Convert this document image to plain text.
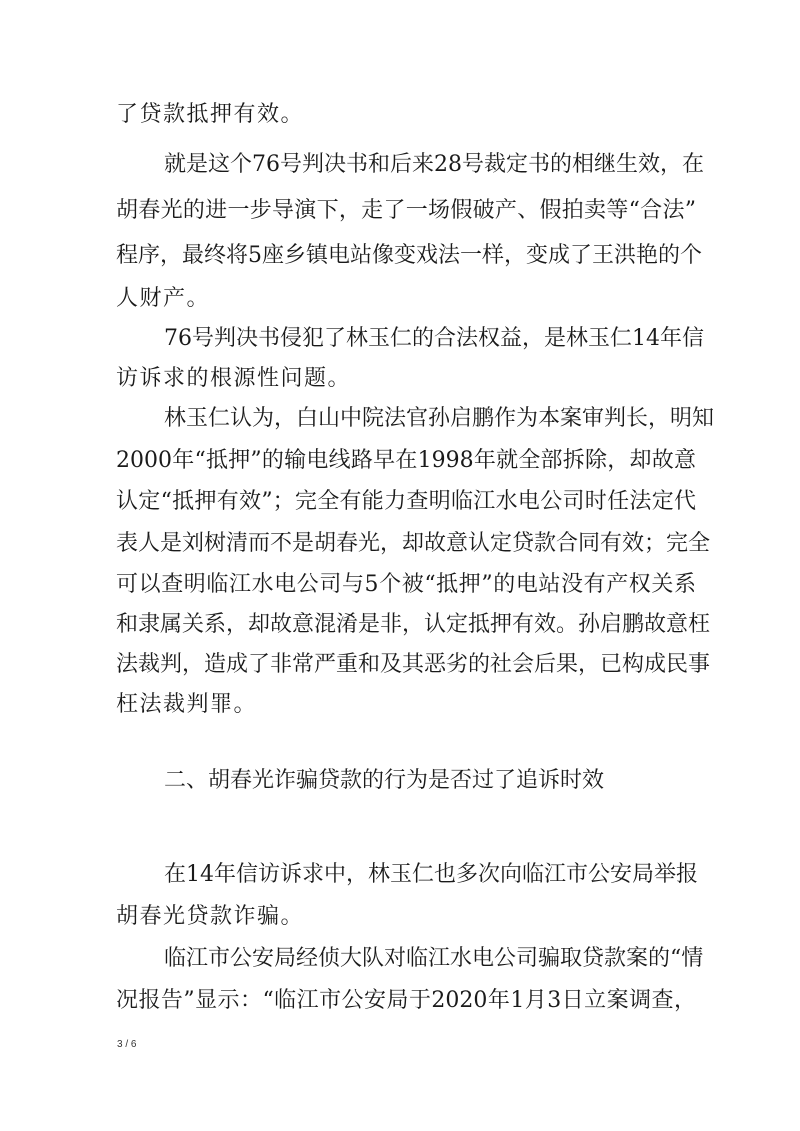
了贷款抵押有效。
就是这个76号判决书和后来28号裁定书的相继生效，在
胡春光的进一步导演下，走了一场假破产、假拍卖等“合法”
程序，最终将5座乡镇电站像变戏法一样，变成了王洪艳的个
人财产。
76号判决书侵犯了林玉仁的合法权益，是林玉仁14年信
访诉求的根源性问题。
林玉仁认为，白山中院法官孙启鹏作为本案审判长，明知
2000年“抵押”的输电线路早在1998年就全部拆除，却故意
认定“抵押有效”；完全有能力查明临江水电公司时任法定代
表人是刘树清而不是胡春光，却故意认定贷款合同有效；完全
可以查明临江水电公司与5个被“抵押”的电站没有产权关系
和隶属关系，却故意混淆是非，认定抵押有效。孙启鹏故意枉
法裁判，造成了非常严重和及其恶劣的社会后果，已构成民事
枉法裁判罪。
二、胡春光诈骗贷款的行为是否过了追诉时效
在14年信访诉求中，林玉仁也多次向临江市公安局举报
胡春光贷款诈骗。
临江市公安局经侦大队对临江水电公司骗取贷款案的“情
况报告”显示：“临江市公安局于2020年1月3日立案调查，
3 / 6
